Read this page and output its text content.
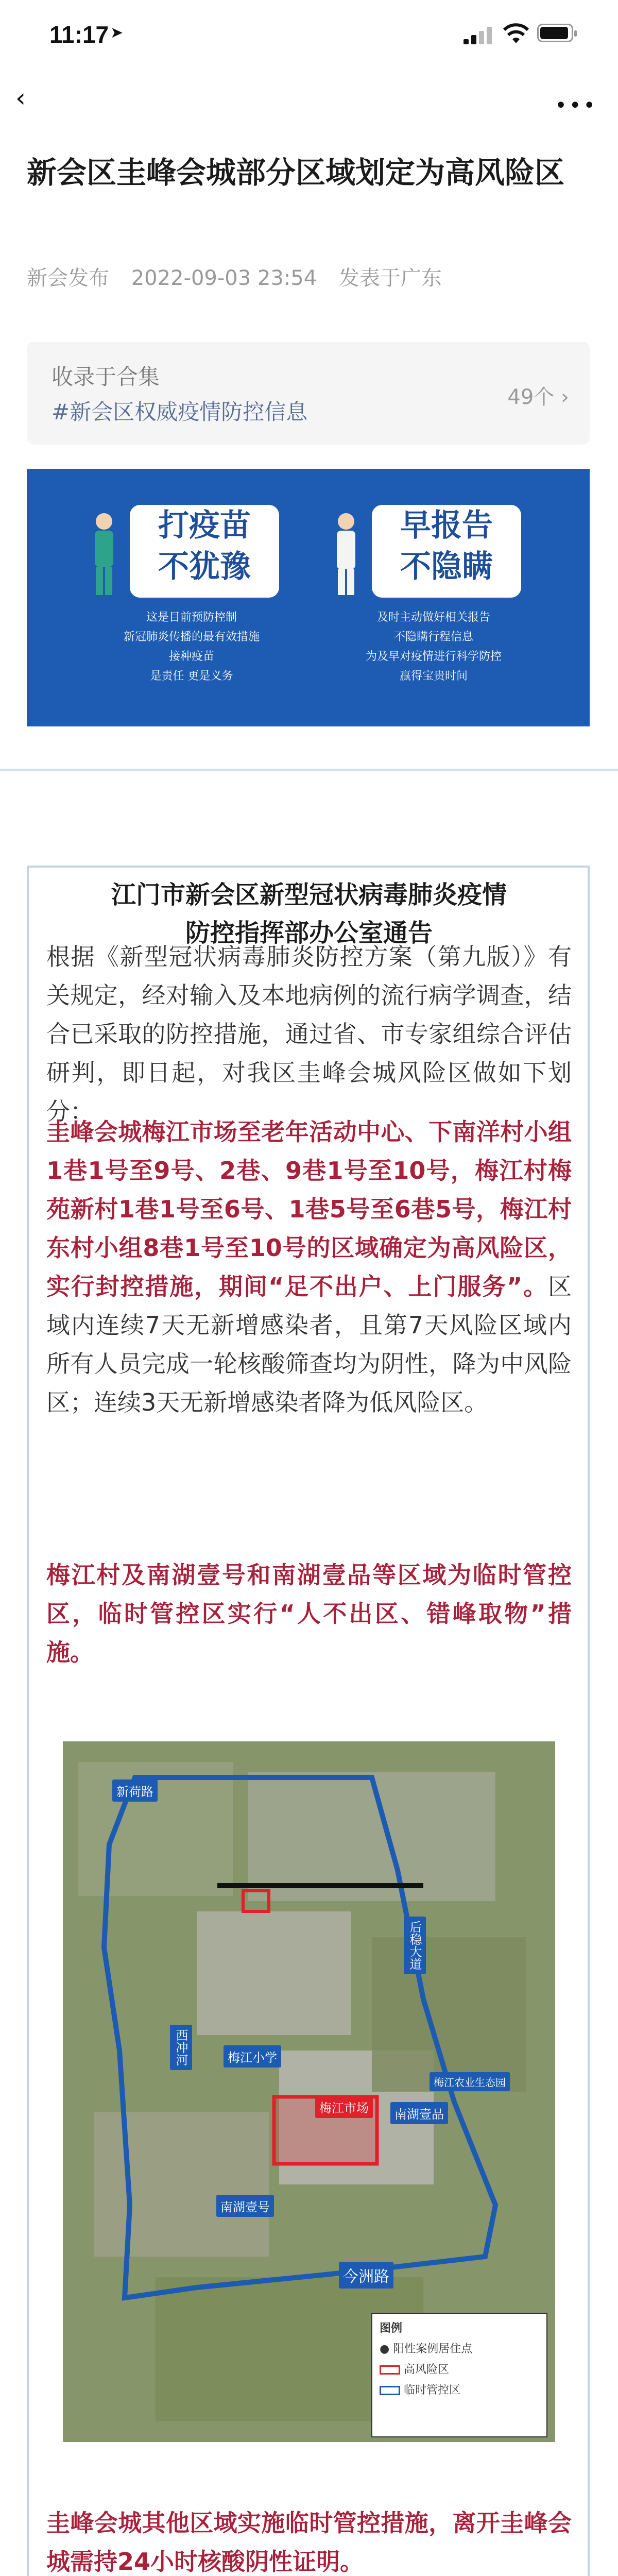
11:17 ➤
‹	•••
新会区圭峰会城部分区域划定为高风险区
新会发布 2022-09-03 23:54 发表于广东
收录于合集
#新会区权威疫情防控信息
49个 ›
打疫苗
不犹豫
这是目前预防控制
新冠肺炎传播的最有效措施
接种疫苗
是责任 更是义务
早报告
不隐瞒
及时主动做好相关报告
不隐瞒行程信息
为及早对疫情进行科学防控
赢得宝贵时间
江门市新会区新型冠状病毒肺炎疫情
防控指挥部办公室通告

根据《新型冠状病毒肺炎防控方案（第九版）》有关规定，经对输入及本地病例的流行病学调查，结合已采取的防控措施，通过省、市专家组综合评估研判，即日起，对我区圭峰会城风险区做如下划分：

圭峰会城梅江市场至老年活动中心、下南洋村小组1巷1号至9号、2巷、9巷1号至10号，梅江村梅苑新村1巷1号至6号、1巷5号至6巷5号，梅江村东村小组8巷1号至10号的区域确定为高风险区，实行封控措施，期间“足不出户、上门服务”。区域内连续7天无新增感染者，且第7天风险区域内所有人员完成一轮核酸筛查均为阴性，降为中风险区；连续3天无新增感染者降为低风险区。

梅江村及南湖壹号和南湖壹品等区域为临时管控区，临时管控区实行“人不出区、错峰取物”措施。

新荷路
后稳大道
西冲河	梅江小学
梅江市场	南湖壹品
南湖壹号
今洲路
梅江农业生态园
图例
● 阳性案例居住点
高风险区
临时管控区

圭峰会城其他区域实施临时管控措施，离开圭峰会城需持24小时核酸阴性证明。
